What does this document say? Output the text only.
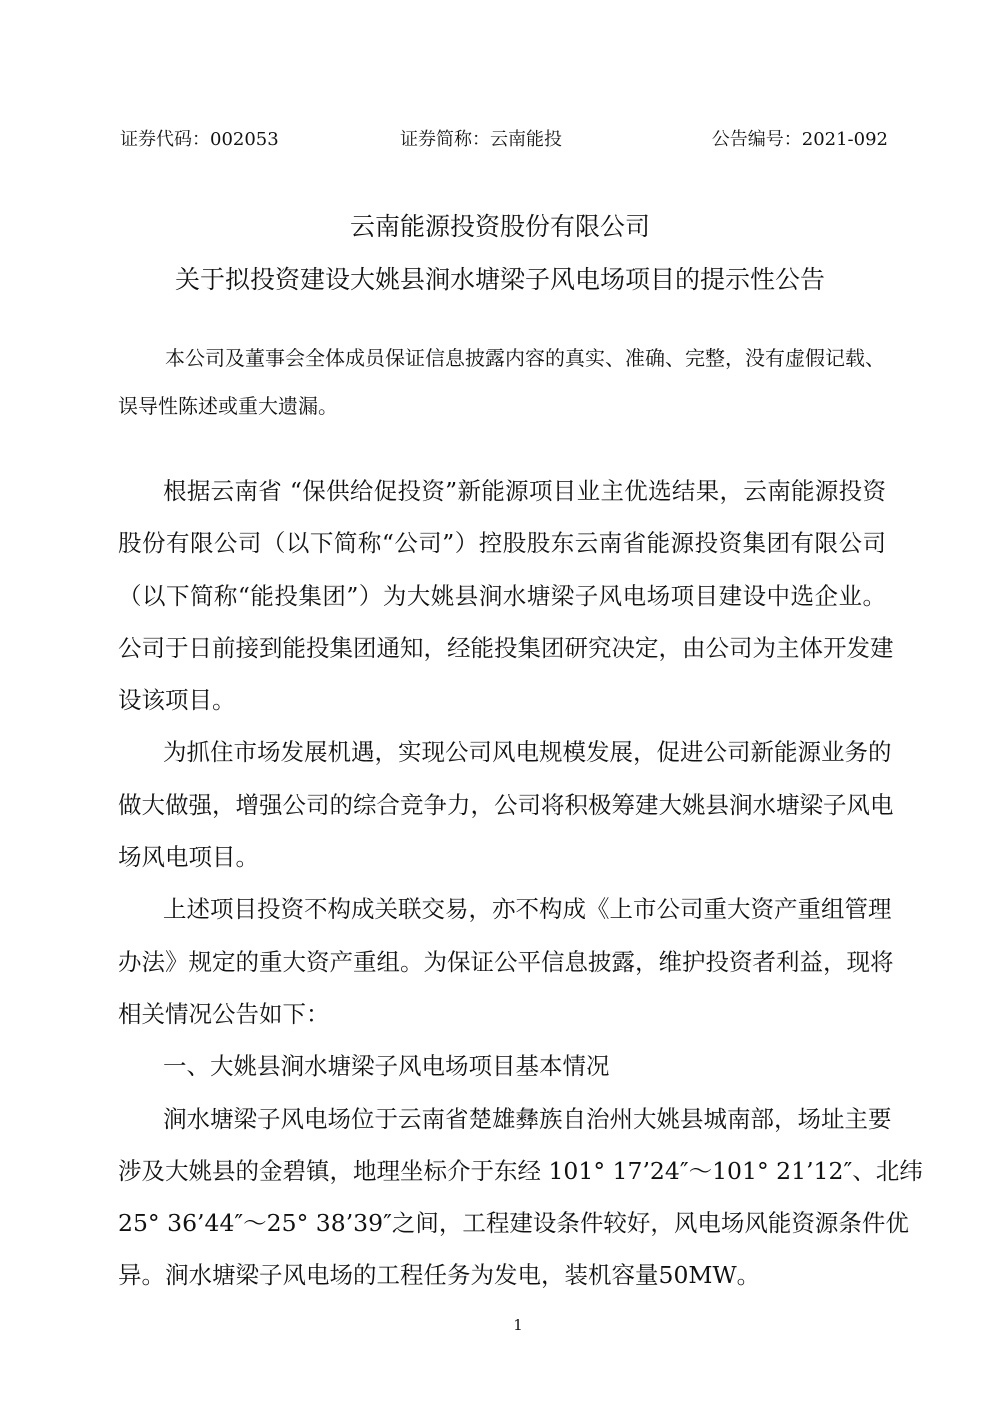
证券代码：002053	证券简称：云南能投	公告编号：2021-092
云南能源投资股份有限公司
关于拟投资建设大姚县涧水塘梁子风电场项目的提示性公告
本公司及董事会全体成员保证信息披露内容的真实、准确、完整，没有虚假记载、
误导性陈述或重大遗漏。
根据云南省 “保供给促投资”新能源项目业主优选结果，云南能源投资
股份有限公司（以下简称“公司”）控股股东云南省能源投资集团有限公司
（以下简称“能投集团”）为大姚县涧水塘梁子风电场项目建设中选企业。
公司于日前接到能投集团通知，经能投集团研究决定，由公司为主体开发建
设该项目。
为抓住市场发展机遇，实现公司风电规模发展，促进公司新能源业务的
做大做强，增强公司的综合竞争力，公司将积极筹建大姚县涧水塘梁子风电
场风电项目。
上述项目投资不构成关联交易，亦不构成《上市公司重大资产重组管理
办法》规定的重大资产重组。为保证公平信息披露，维护投资者利益，现将
相关情况公告如下：
一、大姚县涧水塘梁子风电场项目基本情况
涧水塘梁子风电场位于云南省楚雄彝族自治州大姚县城南部，场址主要
涉及大姚县的金碧镇，地理坐标介于东经 101° 17’24″～101° 21’12″、北纬
25° 36’44″～25° 38’39″之间，工程建设条件较好，风电场风能资源条件优
异。涧水塘梁子风电场的工程任务为发电，装机容量50MW。
1
